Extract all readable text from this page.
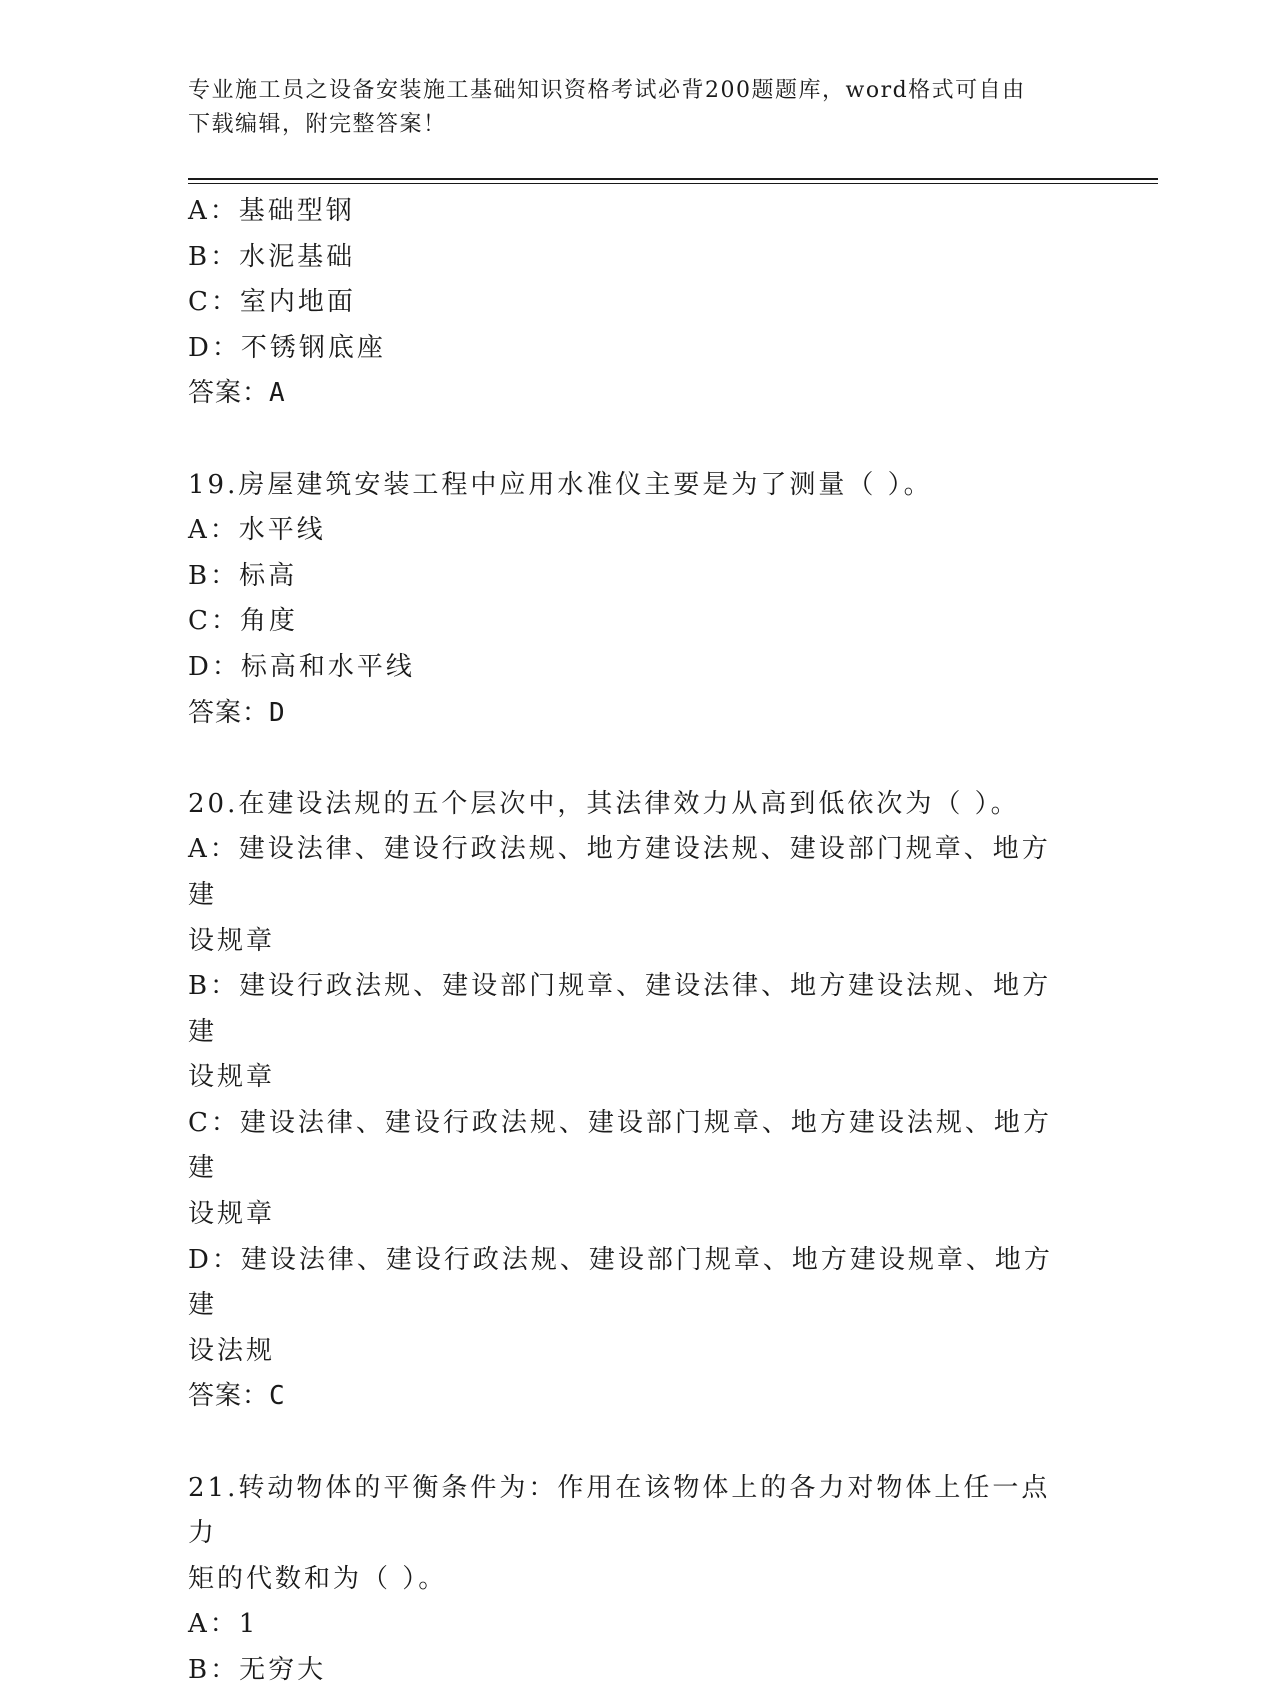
专业施工员之设备安装施工基础知识资格考试必背200题题库，word格式可自由
下载编辑，附完整答案！

A：基础型钢

B：水泥基础

C：室内地面

D：不锈钢底座

答案：A

19.房屋建筑安装工程中应用水准仪主要是为了测量（ ）。

A：水平线

B：标高

C：角度

D：标高和水平线

答案：D

20.在建设法规的五个层次中，其法律效力从高到低依次为（ ）。

A：建设法律、建设行政法规、地方建设法规、建设部门规章、地方建

设规章

B：建设行政法规、建设部门规章、建设法律、地方建设法规、地方建

设规章

C：建设法律、建设行政法规、建设部门规章、地方建设法规、地方建

设规章

D：建设法律、建设行政法规、建设部门规章、地方建设规章、地方建

设法规

答案：C

21.转动物体的平衡条件为：作用在该物体上的各力对物体上任一点力

矩的代数和为（ ）。

A：1

B：无穷大
